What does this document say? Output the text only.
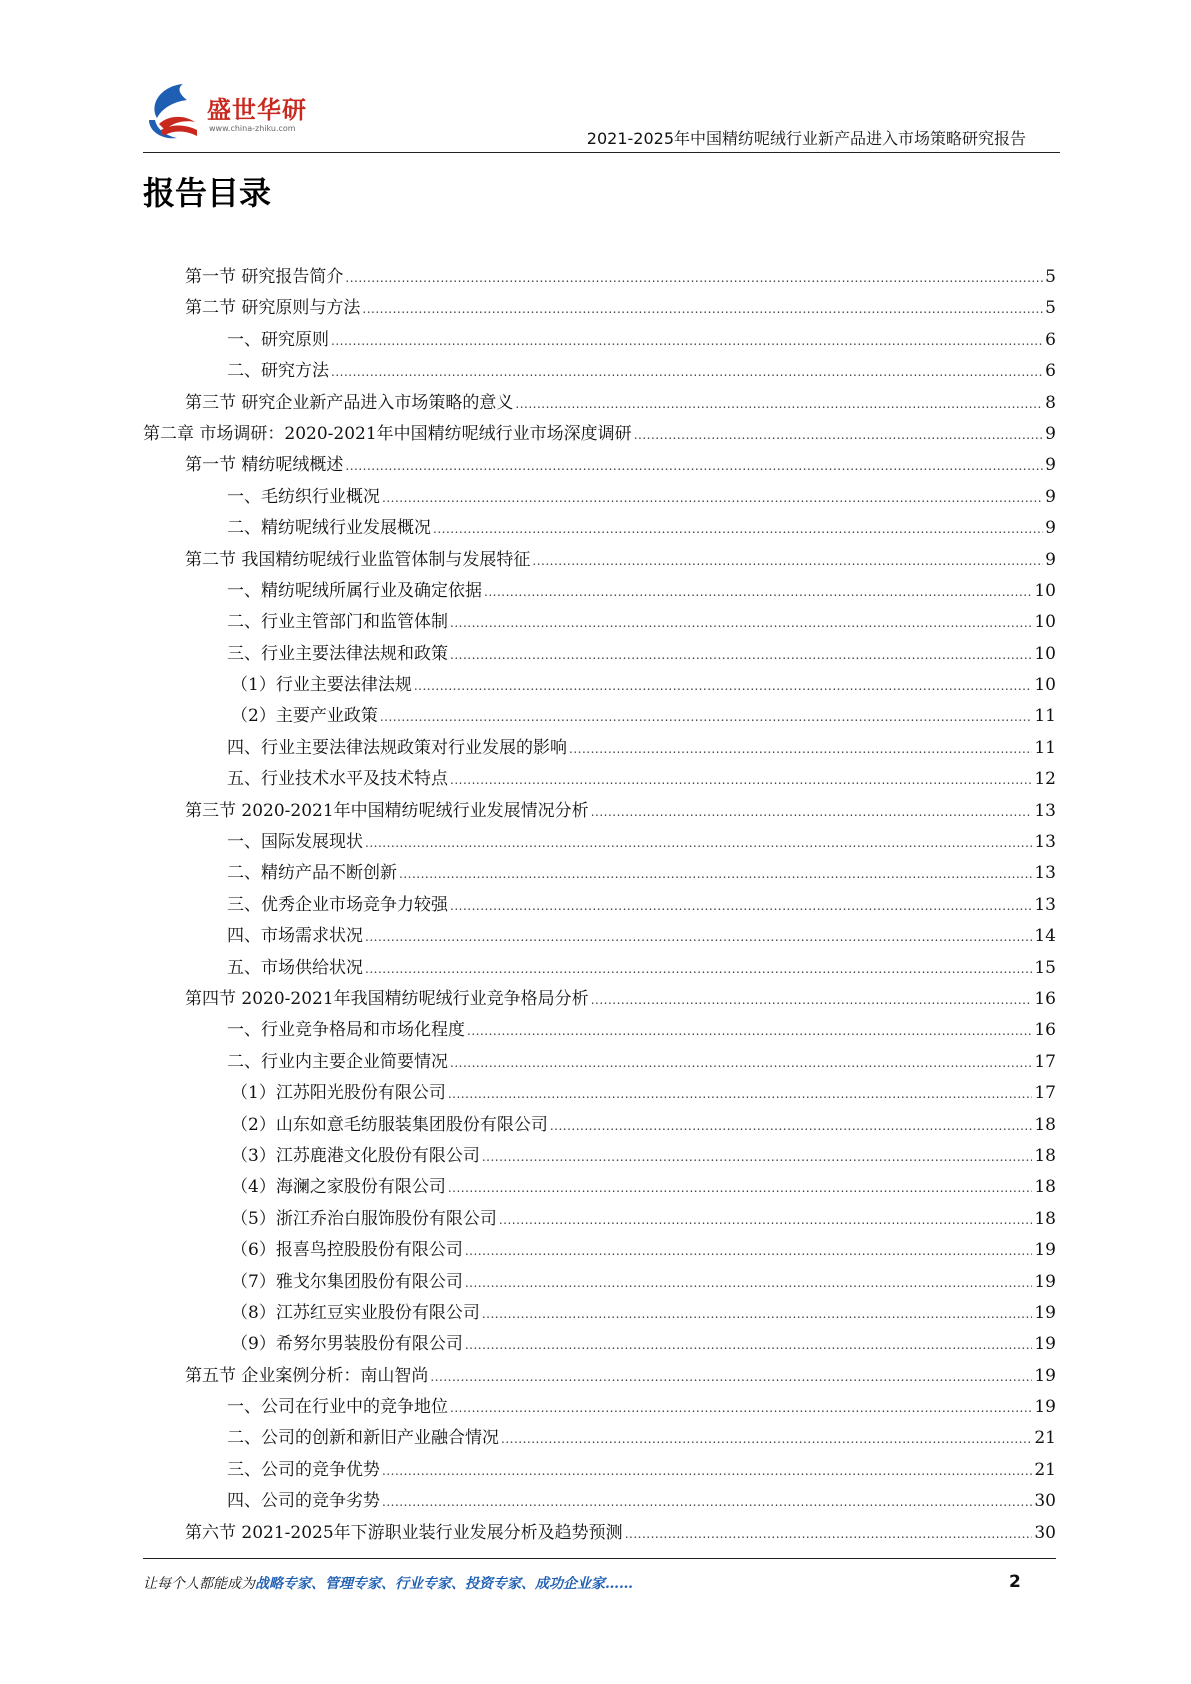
盛世华研
www.china-zhiku.com
2021-2025年中国精纺呢绒行业新产品进入市场策略研究报告
报告目录
第一节 研究报告简介 .....	5
第二节 研究原则与方法 .....	5
一、研究原则 .....	6
二、研究方法 .....	6
第三节 研究企业新产品进入市场策略的意义 .....	8
第二章 市场调研：2020-2021年中国精纺呢绒行业市场深度调研 .....	9
第一节 精纺呢绒概述 .....	9
一、毛纺织行业概况 .....	9
二、精纺呢绒行业发展概况 .....	9
第二节 我国精纺呢绒行业监管体制与发展特征 .....	9
一、精纺呢绒所属行业及确定依据 .....	10
二、行业主管部门和监管体制 .....	10
三、行业主要法律法规和政策 .....	10
（1）行业主要法律法规 .....	10
（2）主要产业政策 .....	11
四、行业主要法律法规政策对行业发展的影响 .....	11
五、行业技术水平及技术特点 .....	12
第三节 2020-2021年中国精纺呢绒行业发展情况分析 .....	13
一、国际发展现状 .....	13
二、精纺产品不断创新 .....	13
三、优秀企业市场竞争力较强 .....	13
四、市场需求状况 .....	14
五、市场供给状况 .....	15
第四节 2020-2021年我国精纺呢绒行业竞争格局分析 .....	16
一、行业竞争格局和市场化程度 .....	16
二、行业内主要企业简要情况 .....	17
（1）江苏阳光股份有限公司 .....	17
（2）山东如意毛纺服装集团股份有限公司 .....	18
（3）江苏鹿港文化股份有限公司 .....	18
（4）海澜之家股份有限公司 .....	18
（5）浙江乔治白服饰股份有限公司 .....	18
（6）报喜鸟控股股份有限公司 .....	19
（7）雅戈尔集团股份有限公司 .....	19
（8）江苏红豆实业股份有限公司 .....	19
（9）希努尔男装股份有限公司 .....	19
第五节 企业案例分析：南山智尚 .....	19
一、公司在行业中的竞争地位 .....	19
二、公司的创新和新旧产业融合情况 .....	21
三、公司的竞争优势 .....	21
四、公司的竞争劣势 .....	30
第六节 2021-2025年下游职业装行业发展分析及趋势预测 .....	30
让每个人都能成为战略专家、管理专家、行业专家、投资专家、成功企业家……	2
